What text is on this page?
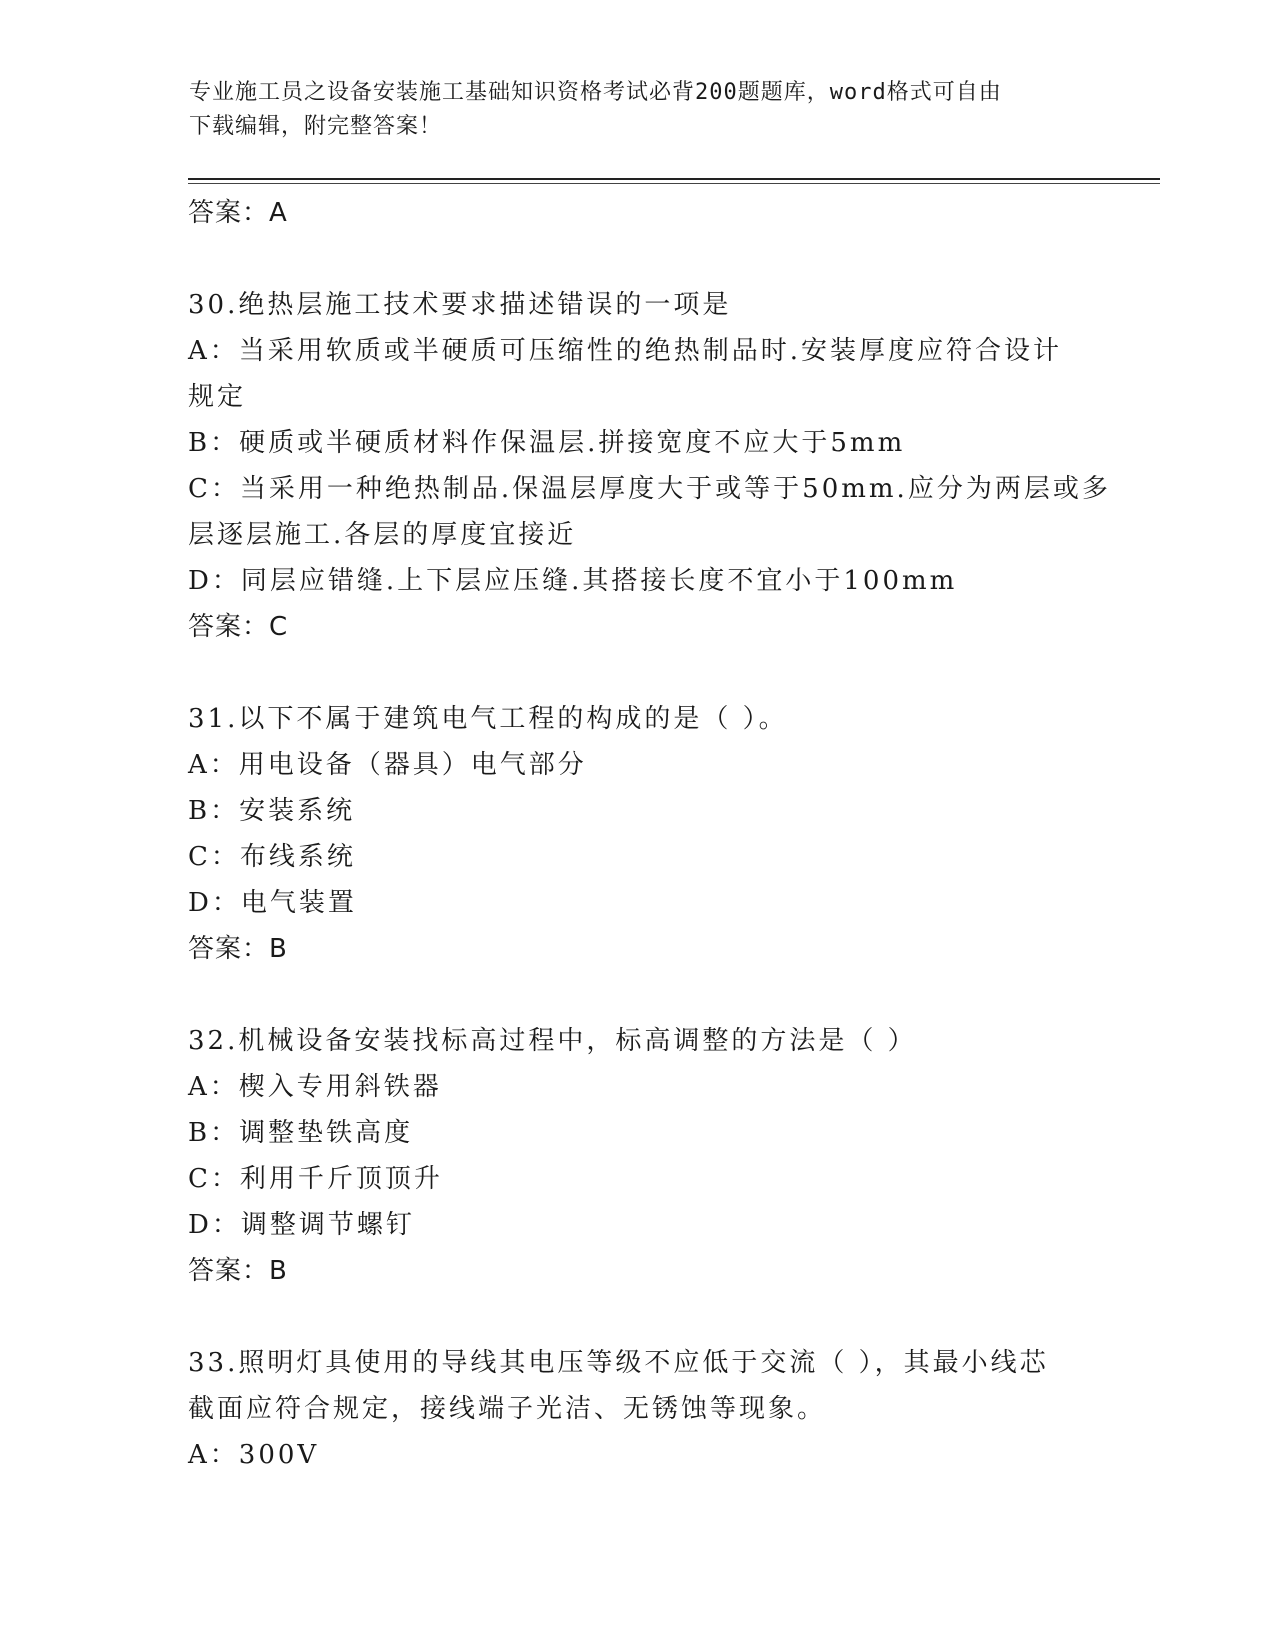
专业施工员之设备安装施工基础知识资格考试必背200题题库，word格式可自由
下载编辑，附完整答案！
答案：A
30.绝热层施工技术要求描述错误的一项是
A：当采用软质或半硬质可压缩性的绝热制品时.安装厚度应符合设计
规定
B：硬质或半硬质材料作保温层.拼接宽度不应大于5mm
C：当采用一种绝热制品.保温层厚度大于或等于50mm.应分为两层或多
层逐层施工.各层的厚度宜接近
D：同层应错缝.上下层应压缝.其搭接长度不宜小于100mm
答案：C
31.以下不属于建筑电气工程的构成的是（ ）。
A：用电设备（器具）电气部分
B：安装系统
C：布线系统
D：电气装置
答案：B
32.机械设备安装找标高过程中，标高调整的方法是（ ）
A：楔入专用斜铁器
B：调整垫铁高度
C：利用千斤顶顶升
D：调整调节螺钉
答案：B
33.照明灯具使用的导线其电压等级不应低于交流（ ），其最小线芯
截面应符合规定，接线端子光洁、无锈蚀等现象。
A：300V
